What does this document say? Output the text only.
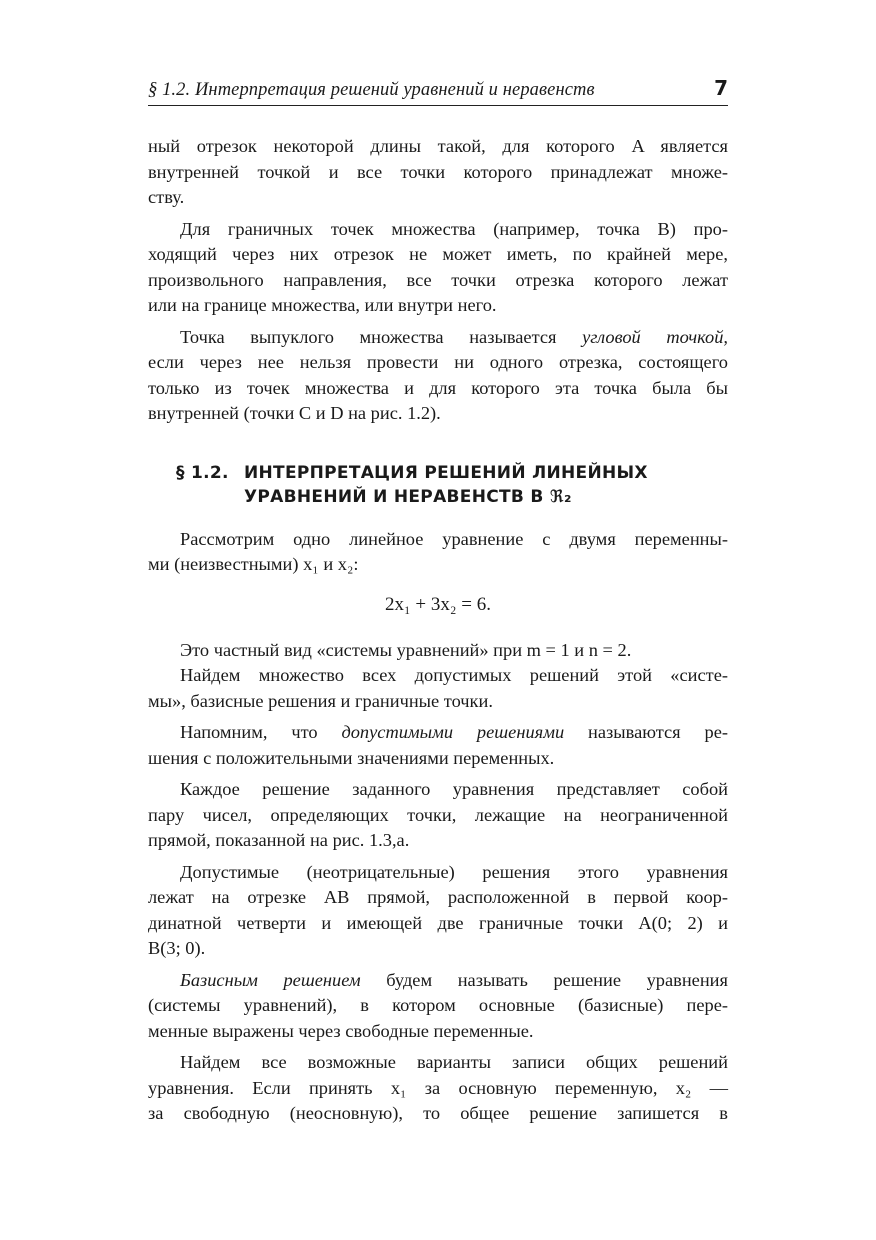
§ 1.2. Интерпретация решений уравнений и неравенств	7

ный отрезок некоторой длины такой, для которого A является
внутренней точкой и все точки которого принадлежат множе-
ству.

Для граничных точек множества (например, точка B) про-
ходящий через них отрезок не может иметь, по крайней мере,
произвольного направления, все точки отрезка которого лежат
или на границе множества, или внутри него.

Точка выпуклого множества называется угловой точкой,
если через нее нельзя провести ни одного отрезка, состоящего
только из точек множества и для которого эта точка была бы
внутренней (точки C и D на рис. 1.2).

§ 1.2. ИНТЕРПРЕТАЦИЯ РЕШЕНИЙ ЛИНЕЙНЫХ
УРАВНЕНИЙ И НЕРАВЕНСТВ В ℜ₂

Рассмотрим одно линейное уравнение с двумя переменны-
ми (неизвестными) x₁ и x₂:

2x₁ + 3x₂ = 6.

Это частный вид «системы уравнений» при m = 1 и n = 2.

Найдем множество всех допустимых решений этой «систе-
мы», базисные решения и граничные точки.

Напомним, что допустимыми решениями называются ре-
шения с положительными значениями переменных.

Каждое решение заданного уравнения представляет собой
пару чисел, определяющих точки, лежащие на неограниченной
прямой, показанной на рис. 1.3,а.

Допустимые (неотрицательные) решения этого уравнения
лежат на отрезке AB прямой, расположенной в первой коор-
динатной четверти и имеющей две граничные точки A(0; 2) и
B(3; 0).

Базисным решением будем называть решение уравнения
(системы уравнений), в котором основные (базисные) пере-
менные выражены через свободные переменные.

Найдем все возможные варианты записи общих решений
уравнения. Если принять x₁ за основную переменную, x₂ —
за свободную (неосновную), то общее решение запишется в
